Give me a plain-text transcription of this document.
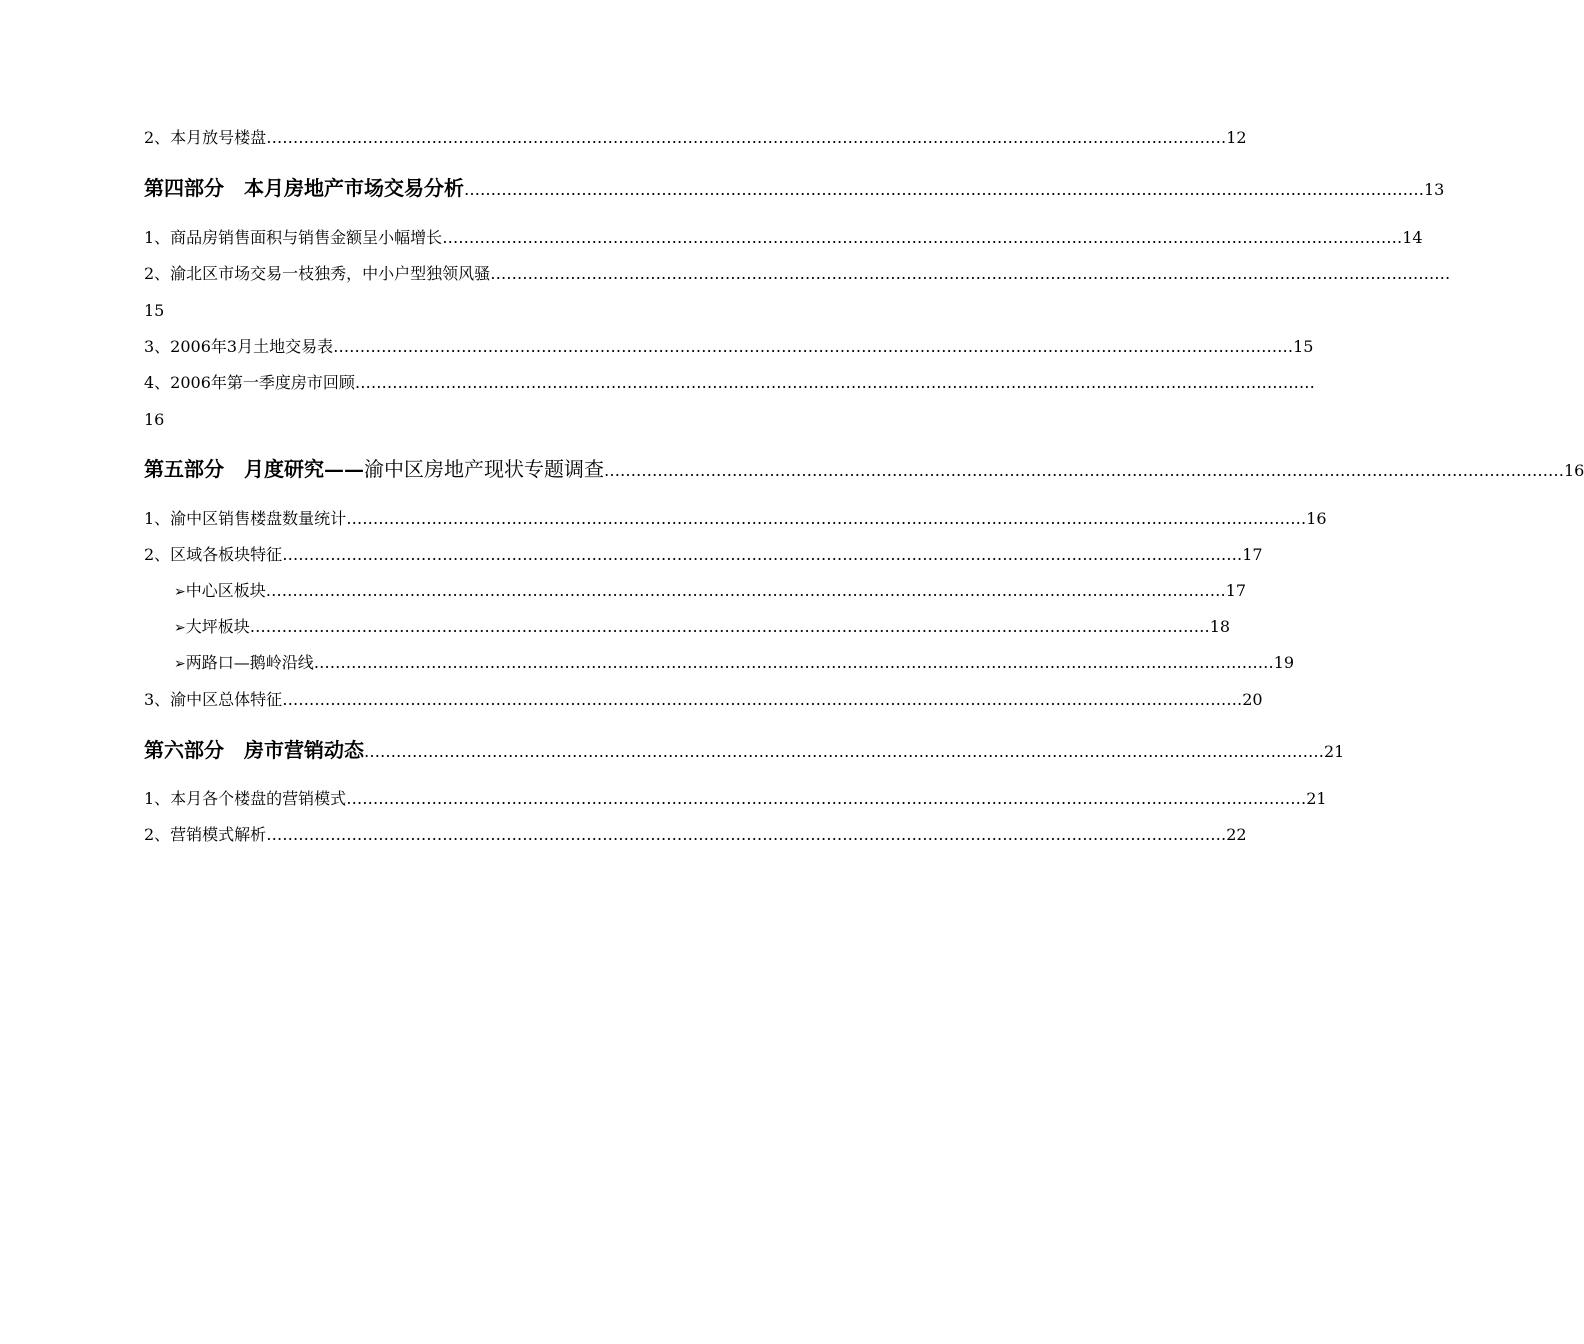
2、本月放号楼盘 ……………………………………………………………………………………………………………………………………………………………… 12
第四部分　本月房地产市场交易分析 ……………………………………………………………………………………………………………………………………………………………… 13
1、商品房销售面积与销售金额呈小幅增长 ……………………………………………………………………………………………………………………………………………………………… 14
2、渝北区市场交易一枝独秀，中小户型独领风骚 ………………………………………………………………………………………………………………………………………………………………
15
3、2006年3月土地交易表 ……………………………………………………………………………………………………………………………………………………………… 15
4、2006年第一季度房市回顾 ………………………………………………………………………………………………………………………………………………………………
16
第五部分　月度研究——渝中区房地产现状专题调查 ……………………………………………………………………………………………………………………………………………………………… 16
1、渝中区销售楼盘数量统计 ……………………………………………………………………………………………………………………………………………………………… 16
2、区域各板块特征 ……………………………………………………………………………………………………………………………………………………………… 17
➢ 中心区板块 ……………………………………………………………………………………………………………………………………………………………… 17
➢ 大坪板块 ……………………………………………………………………………………………………………………………………………………………… 18
➢ 两路口—鹅岭沿线 ……………………………………………………………………………………………………………………………………………………………… 19
3、渝中区总体特征 ……………………………………………………………………………………………………………………………………………………………… 20
第六部分　房市营销动态 ……………………………………………………………………………………………………………………………………………………………… 21
1、本月各个楼盘的营销模式 ……………………………………………………………………………………………………………………………………………………………… 21
2、营销模式解析 ……………………………………………………………………………………………………………………………………………………………… 22
